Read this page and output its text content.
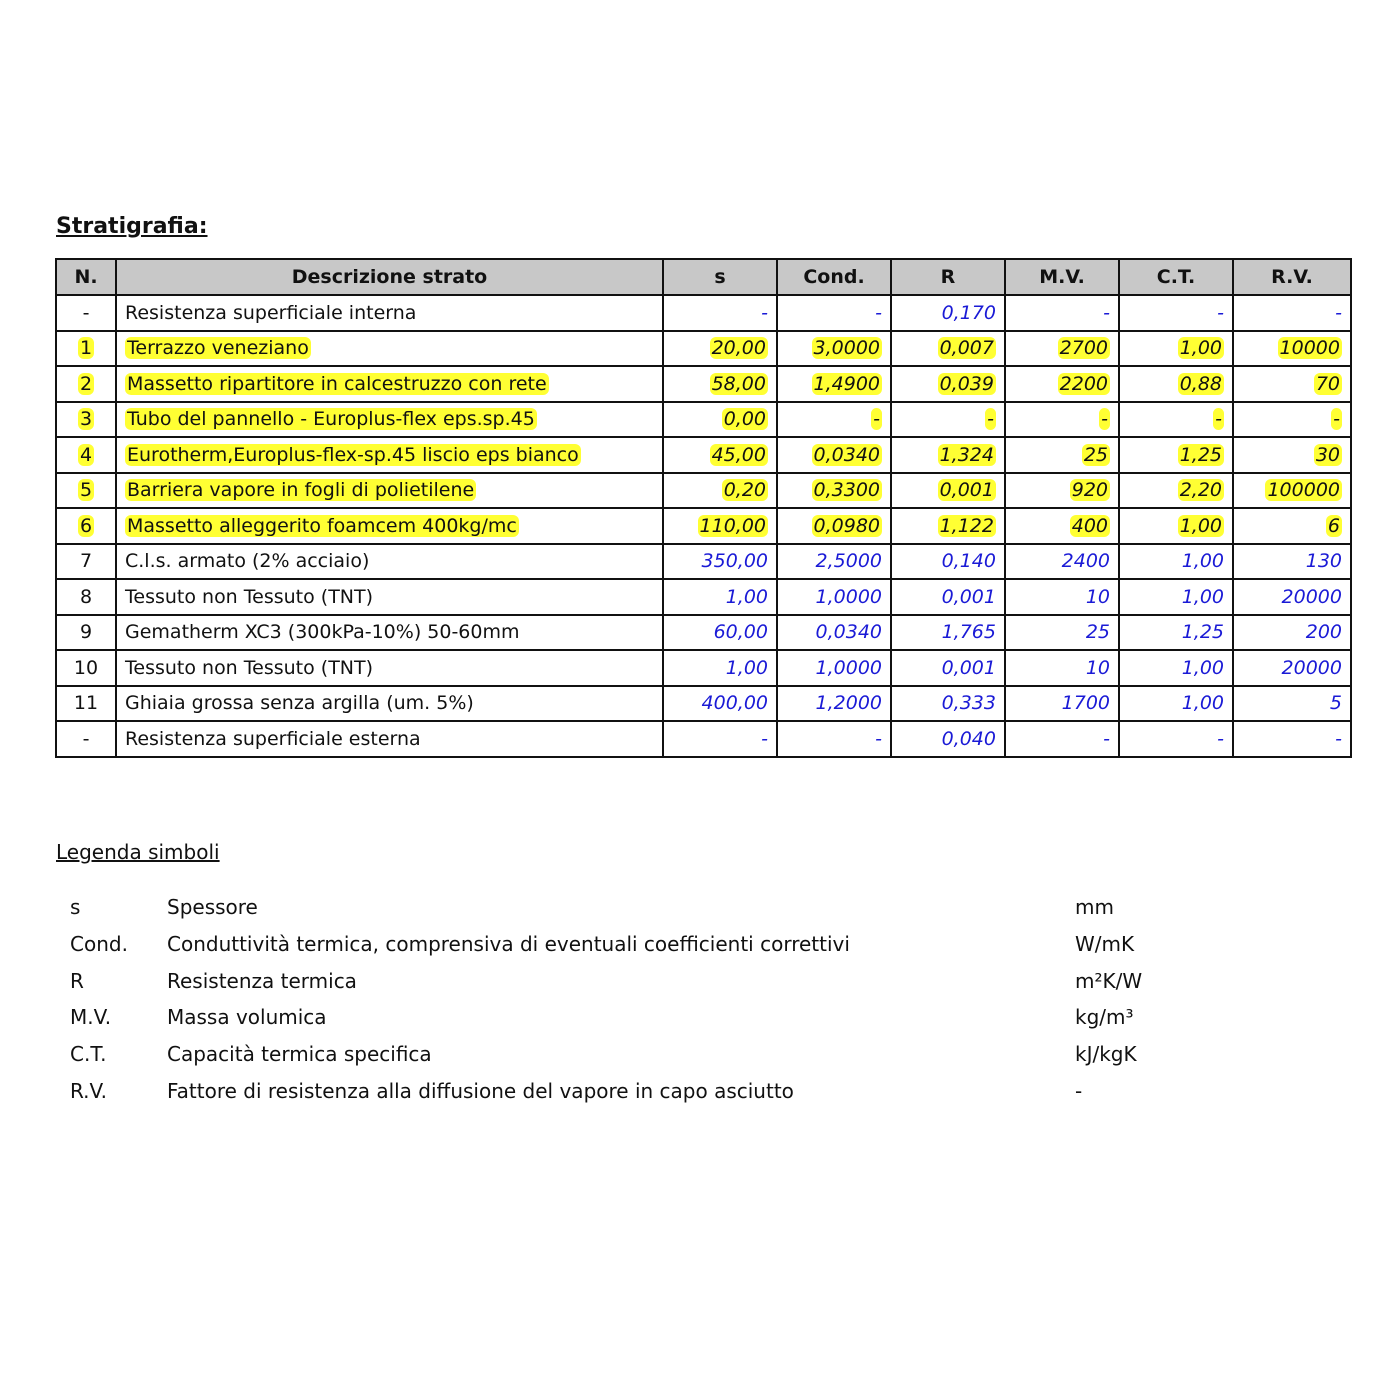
Stratigrafia:
N.	Descrizione strato	s	Cond.	R	M.V.	C.T.	R.V.
-	Resistenza superficiale interna	-	-	0,170	-	-	-
1	Terrazzo veneziano	20,00	3,0000	0,007	2700	1,00	10000
2	Massetto ripartitore in calcestruzzo con rete	58,00	1,4900	0,039	2200	0,88	70
3	Tubo del pannello - Europlus-flex eps.sp.45	0,00	-	-	-	-	-
4	Eurotherm,Europlus-flex-sp.45 liscio eps bianco	45,00	0,0340	1,324	25	1,25	30
5	Barriera vapore in fogli di polietilene	0,20	0,3300	0,001	920	2,20	100000
6	Massetto alleggerito foamcem 400kg/mc	110,00	0,0980	1,122	400	1,00	6
7	C.l.s. armato (2% acciaio)	350,00	2,5000	0,140	2400	1,00	130
8	Tessuto non Tessuto (TNT)	1,00	1,0000	0,001	10	1,00	20000
9	Gematherm XC3 (300kPa-10%) 50-60mm	60,00	0,0340	1,765	25	1,25	200
10	Tessuto non Tessuto (TNT)	1,00	1,0000	0,001	10	1,00	20000
11	Ghiaia grossa senza argilla (um. 5%)	400,00	1,2000	0,333	1700	1,00	5
-	Resistenza superficiale esterna	-	-	0,040	-	-	-
Legenda simboli
s	Spessore	mm
Cond. Conduttività termica, comprensiva di eventuali coefficienti correttivi	W/mK
R	Resistenza termica	m²K/W
M.V.	Massa volumica	kg/m³
C.T.	Capacità termica specifica	kJ/kgK
R.V.	Fattore di resistenza alla diffusione del vapore in capo asciutto	-
